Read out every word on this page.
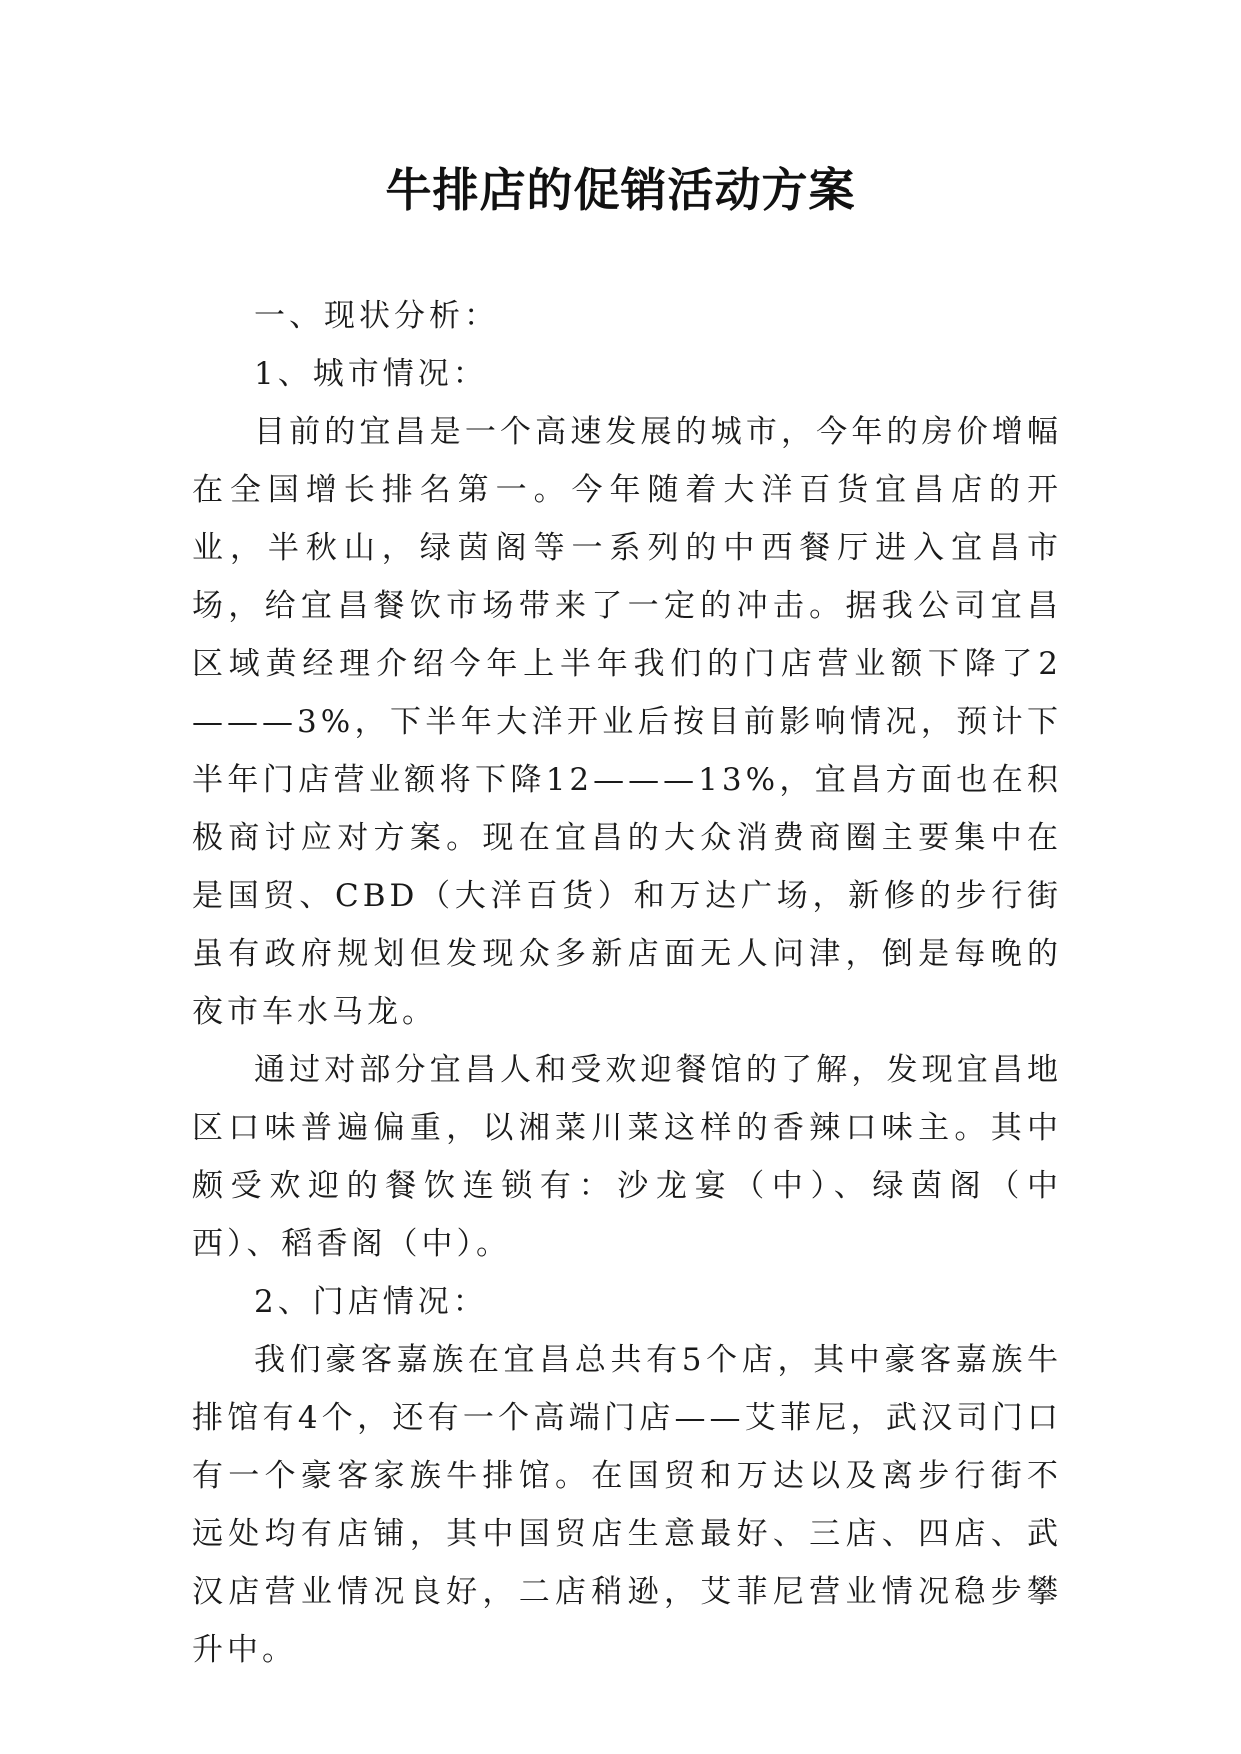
牛排店的促销活动方案

一、现状分析：

1、城市情况：

目前的宜昌是一个高速发展的城市，今年的房价增幅在全国增长排名第一。今年随着大洋百货宜昌店的开业，半秋山，绿茵阁等一系列的中西餐厅进入宜昌市场，给宜昌餐饮市场带来了一定的冲击。据我公司宜昌区域黄经理介绍今年上半年我们的门店营业额下降了2———3%，下半年大洋开业后按目前影响情况，预计下半年门店营业额将下降12———13%，宜昌方面也在积极商讨应对方案。现在宜昌的大众消费商圈主要集中在是国贸、CBD（大洋百货）和万达广场，新修的步行街虽有政府规划但发现众多新店面无人问津，倒是每晚的夜市车水马龙。

通过对部分宜昌人和受欢迎餐馆的了解，发现宜昌地区口味普遍偏重，以湘菜川菜这样的香辣口味主。其中颇受欢迎的餐饮连锁有：沙龙宴（中）、绿茵阁（中西）、稻香阁（中）。

2、门店情况：

我们豪客嘉族在宜昌总共有5个店，其中豪客嘉族牛排馆有4个，还有一个高端门店——艾菲尼，武汉司门口有一个豪客家族牛排馆。在国贸和万达以及离步行街不远处均有店铺，其中国贸店生意最好、三店、四店、武汉店营业情况良好，二店稍逊，艾菲尼营业情况稳步攀升中。
